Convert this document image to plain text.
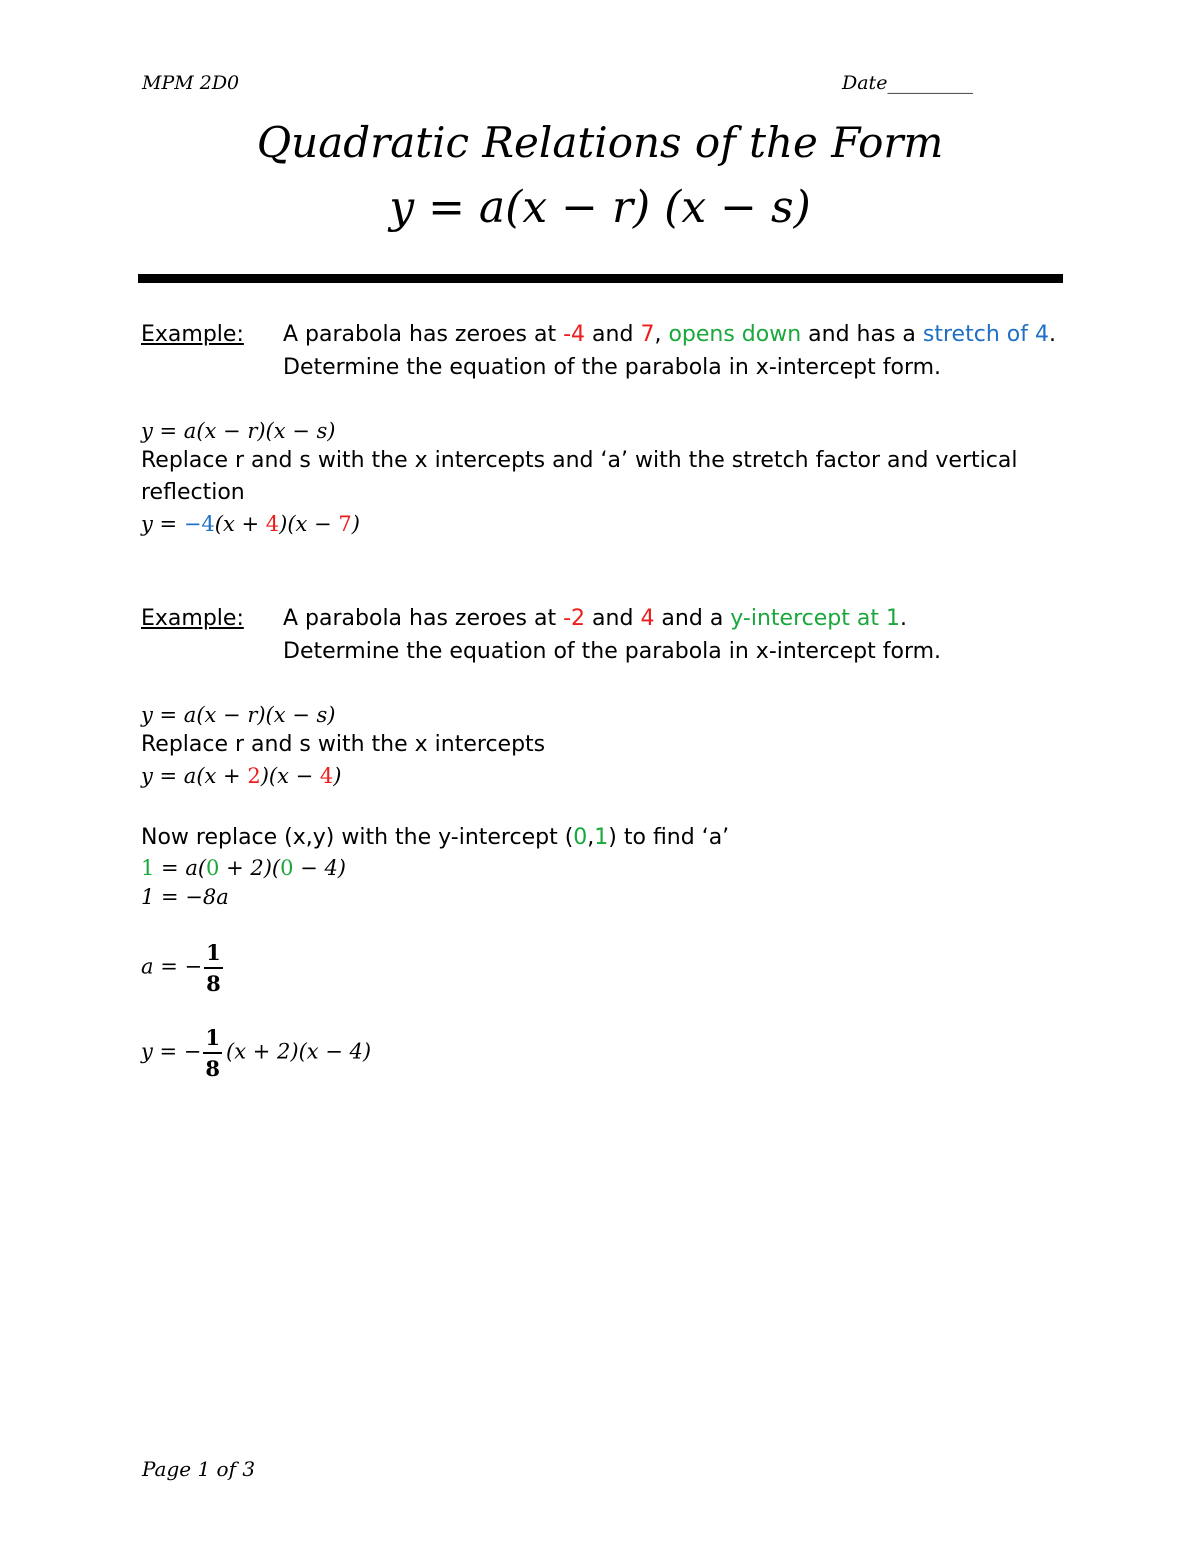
MPM 2D0	Date_________
Quadratic Relations of the Form
y = a(x − r) (x − s)
Example: A parabola has zeroes at -4 and 7, opens down and has a stretch of 4.
Determine the equation of the parabola in x-intercept form.
y = a(x − r)(x − s)
Replace r and s with the x intercepts and ‘a’ with the stretch factor and vertical
reflection
y = −4(x + 4)(x − 7)
Example: A parabola has zeroes at -2 and 4 and a y-intercept at 1.
Determine the equation of the parabola in x-intercept form.
y = a(x − r)(x − s)
Replace r and s with the x intercepts
y = a(x + 2)(x − 4)
Now replace (x,y) with the y-intercept (0,1) to find ‘a’
1 = a(0 + 2)(0 − 4)
1 = −8a
a = − $\frac{1}{8}$
y = − $\frac{1}{8} (x + 2)(x - 4)$
Page 1 of 3
